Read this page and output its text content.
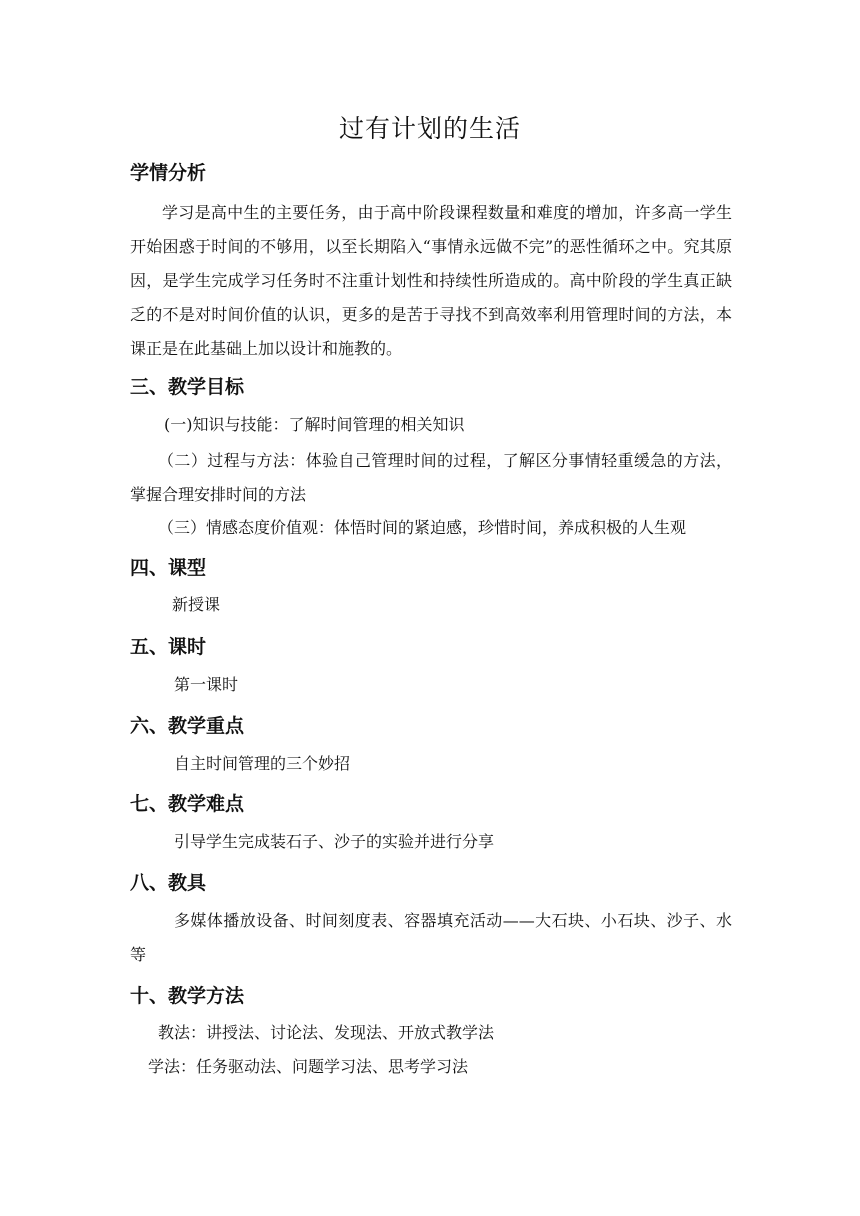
过有计划的生活
学情分析
学习是高中生的主要任务，由于高中阶段课程数量和难度的增加，许多高一学生开始困惑于时间的不够用，以至长期陷入“事情永远做不完”的恶性循环之中。究其原因，是学生完成学习任务时不注重计划性和持续性所造成的。高中阶段的学生真正缺乏的不是对时间价值的认识，更多的是苦于寻找不到高效率利用管理时间的方法，本课正是在此基础上加以设计和施教的。
三、教学目标
(一)知识与技能：了解时间管理的相关知识
（二）过程与方法：体验自己管理时间的过程，了解区分事情轻重缓急的方法，掌握合理安排时间的方法
（三）情感态度价值观：体悟时间的紧迫感，珍惜时间，养成积极的人生观
四、课型
新授课
五、课时
第一课时
六、教学重点
自主时间管理的三个妙招
七、教学难点
引导学生完成装石子、沙子的实验并进行分享
八、教具
多媒体播放设备、时间刻度表、容器填充活动——大石块、小石块、沙子、水等
十、教学方法
教法：讲授法、讨论法、发现法、开放式教学法
学法：任务驱动法、问题学习法、思考学习法
